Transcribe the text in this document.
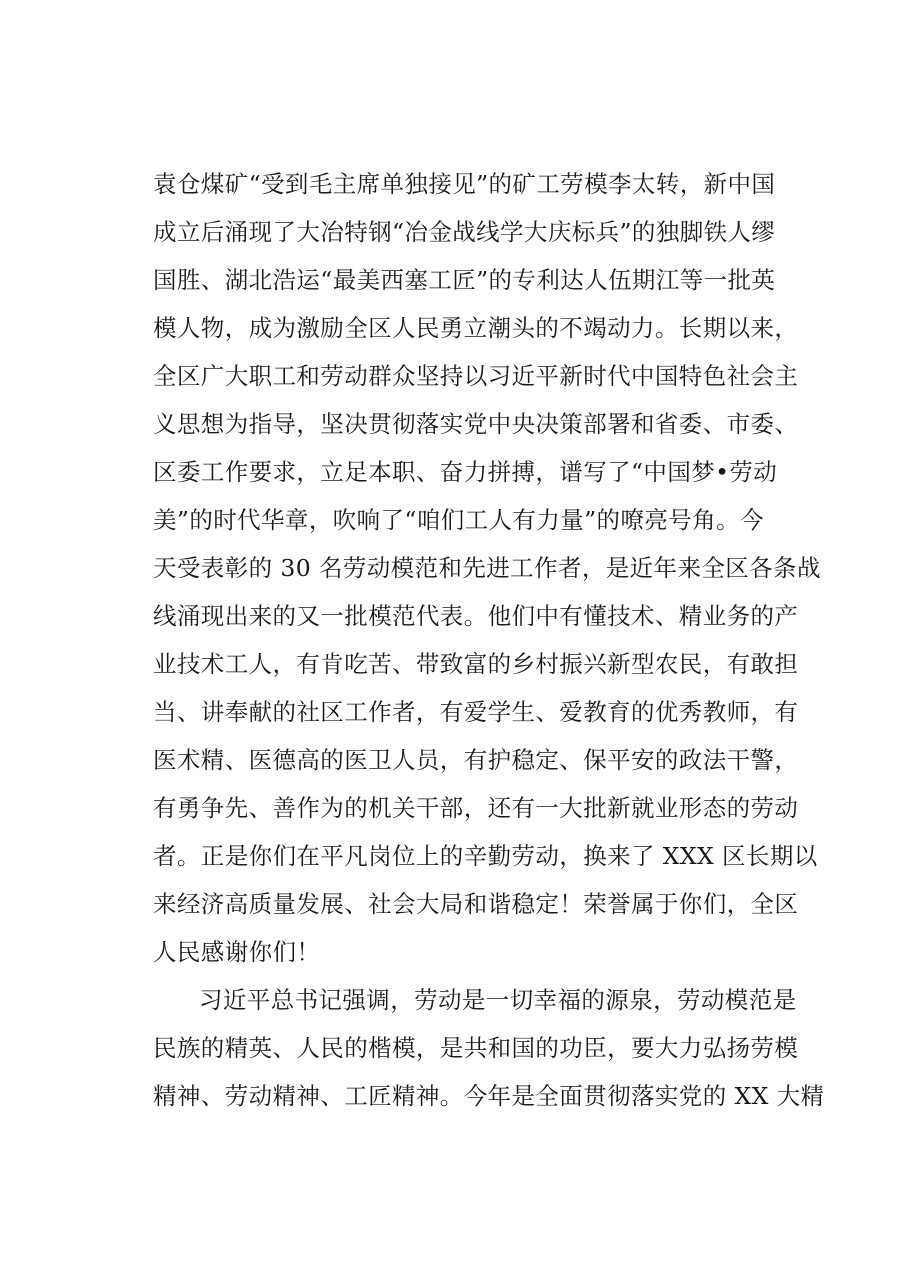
袁仓煤矿“受到毛主席单独接见”的矿工劳模李太转，新中国
成立后涌现了大冶特钢“冶金战线学大庆标兵”的独脚铁人缪
国胜、湖北浩运“最美西塞工匠”的专利达人伍期江等一批英
模人物，成为激励全区人民勇立潮头的不竭动力。长期以来，
全区广大职工和劳动群众坚持以习近平新时代中国特色社会主
义思想为指导，坚决贯彻落实党中央决策部署和省委、市委、
区委工作要求，立足本职、奋力拼搏，谱写了“中国梦•劳动
美”的时代华章，吹响了“咱们工人有力量”的嘹亮号角。今
天受表彰的 30 名劳动模范和先进工作者，是近年来全区各条战
线涌现出来的又一批模范代表。他们中有懂技术、精业务的产
业技术工人，有肯吃苦、带致富的乡村振兴新型农民，有敢担
当、讲奉献的社区工作者，有爱学生、爱教育的优秀教师，有
医术精、医德高的医卫人员，有护稳定、保平安的政法干警，
有勇争先、善作为的机关干部，还有一大批新就业形态的劳动
者。正是你们在平凡岗位上的辛勤劳动，换来了 XXX 区长期以
来经济高质量发展、社会大局和谐稳定！荣誉属于你们，全区
人民感谢你们！
习近平总书记强调，劳动是一切幸福的源泉，劳动模范是
民族的精英、人民的楷模，是共和国的功臣，要大力弘扬劳模
精神、劳动精神、工匠精神。今年是全面贯彻落实党的 XX 大精
